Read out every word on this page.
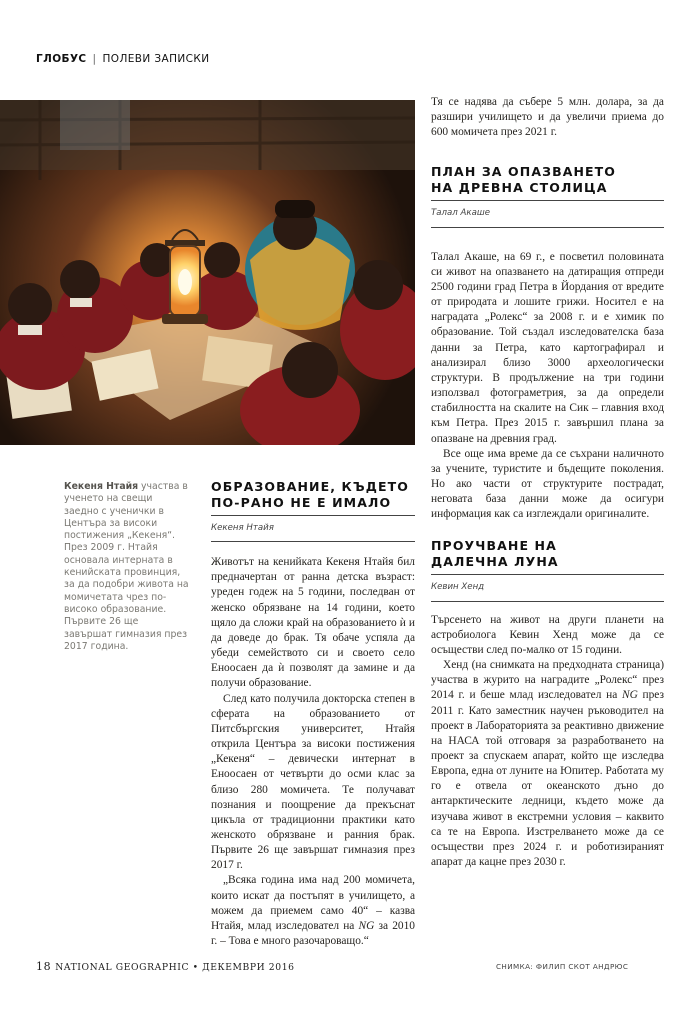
ГЛОБУС | ПОЛЕВИ ЗАПИСКИ
Кекеня Нтайя участва в ученето на свещи заедно с ученички в Центъра за високи постижения „Кекеня“. През 2009 г. Нтайя основала интерната в кенийската провинция, за да подобри живота на момичетата чрез по-високо образование. Първите 26 ще завършат гимназия през 2017 година.
ОБРАЗОВАНИЕ, КЪДЕТО
ПО-РАНО НЕ Е ИМАЛО
Кекеня Нтайя

Животът на кенийката Кекеня Нтайя бил предначертан от ранна детска възраст: уреден годеж на 5 години, последван от женско обрязване на 14 години, което щяло да сложи край на образованието ѝ и да доведе до брак. Тя обаче успяла да убеди семейството си и своето село Еноосаен да ѝ позволят да замине и да получи образование.

След като получила докторска степен в сферата на образованието от Питсбъргския университет, Нтайя открила Центъра за високи постижения „Кекеня“ – девически интернат в Еноосаен от четвърти до осми клас за близо 280 момичета. Те получават познания и поощрение да прекъснат цикъла от традиционни практики като женското обрязване и ранния брак. Първите 26 ще завършат гимназия през 2017 г.

„Всяка година има над 200 момичета, които искат да постъпят в училището, а можем да приемем само 40“ – казва Нтайя, млад изследовател на NG за 2010 г. – Това е много разочароващо.“

Тя се надява да събере 5 млн. долара, за да разшири училището и да увеличи приема до 600 момичета през 2021 г.

ПЛАН ЗА ОПАЗВАНЕТО
НА ДРЕВНА СТОЛИЦА
Талал Акаше

Талал Акаше, на 69 г., е посветил половината си живот на опазването на датиращия отпреди 2500 години град Петра в Йордания от вредите от природата и лошите грижи. Носител е на наградата „Ролекс“ за 2008 г. и е химик по образование. Той създал изследователска база данни за Петра, като картографирал и анализирал близо 3000 археологически структури. В продължение на три години използвал фотограметрия, за да определи стабилността на скалите на Сик – главния вход към Петра. През 2015 г. завършил плана за опазване на древния град.

Все още има време да се съхрани наличното за учените, туристите и бъдещите поколения. Но ако части от структурите пострадат, неговата база данни може да осигури информация как са изглеждали оригиналите.

ПРОУЧВАНЕ НА
ДАЛЕЧНА ЛУНА
Кевин Хенд

Търсенето на живот на други планети на астробиолога Кевин Хенд може да се осъществи след по-малко от 15 години.

Хенд (на снимката на предходната страница) участва в журито на наградите „Ролекс“ през 2014 г. и беше млад изследовател на NG през 2011 г. Като заместник научен ръководител на проект в Лабораторията за реактивно движение на НАСА той отговаря за разработването на проект за спускаем апарат, който ще изследва Европа, една от луните на Юпитер. Работата му го е отвела от океанското дъно до антарктическите ледници, където може да изучава живот в екстремни условия – каквито са те на Европа. Изстрелването може да се осъществи през 2024 г. и роботизираният апарат да кацне през 2030 г.

18 NATIONAL GEOGRAPHIC • ДЕКЕМВРИ 2016	СНИМКА: ФИЛИП СКОТ АНДРЮС
